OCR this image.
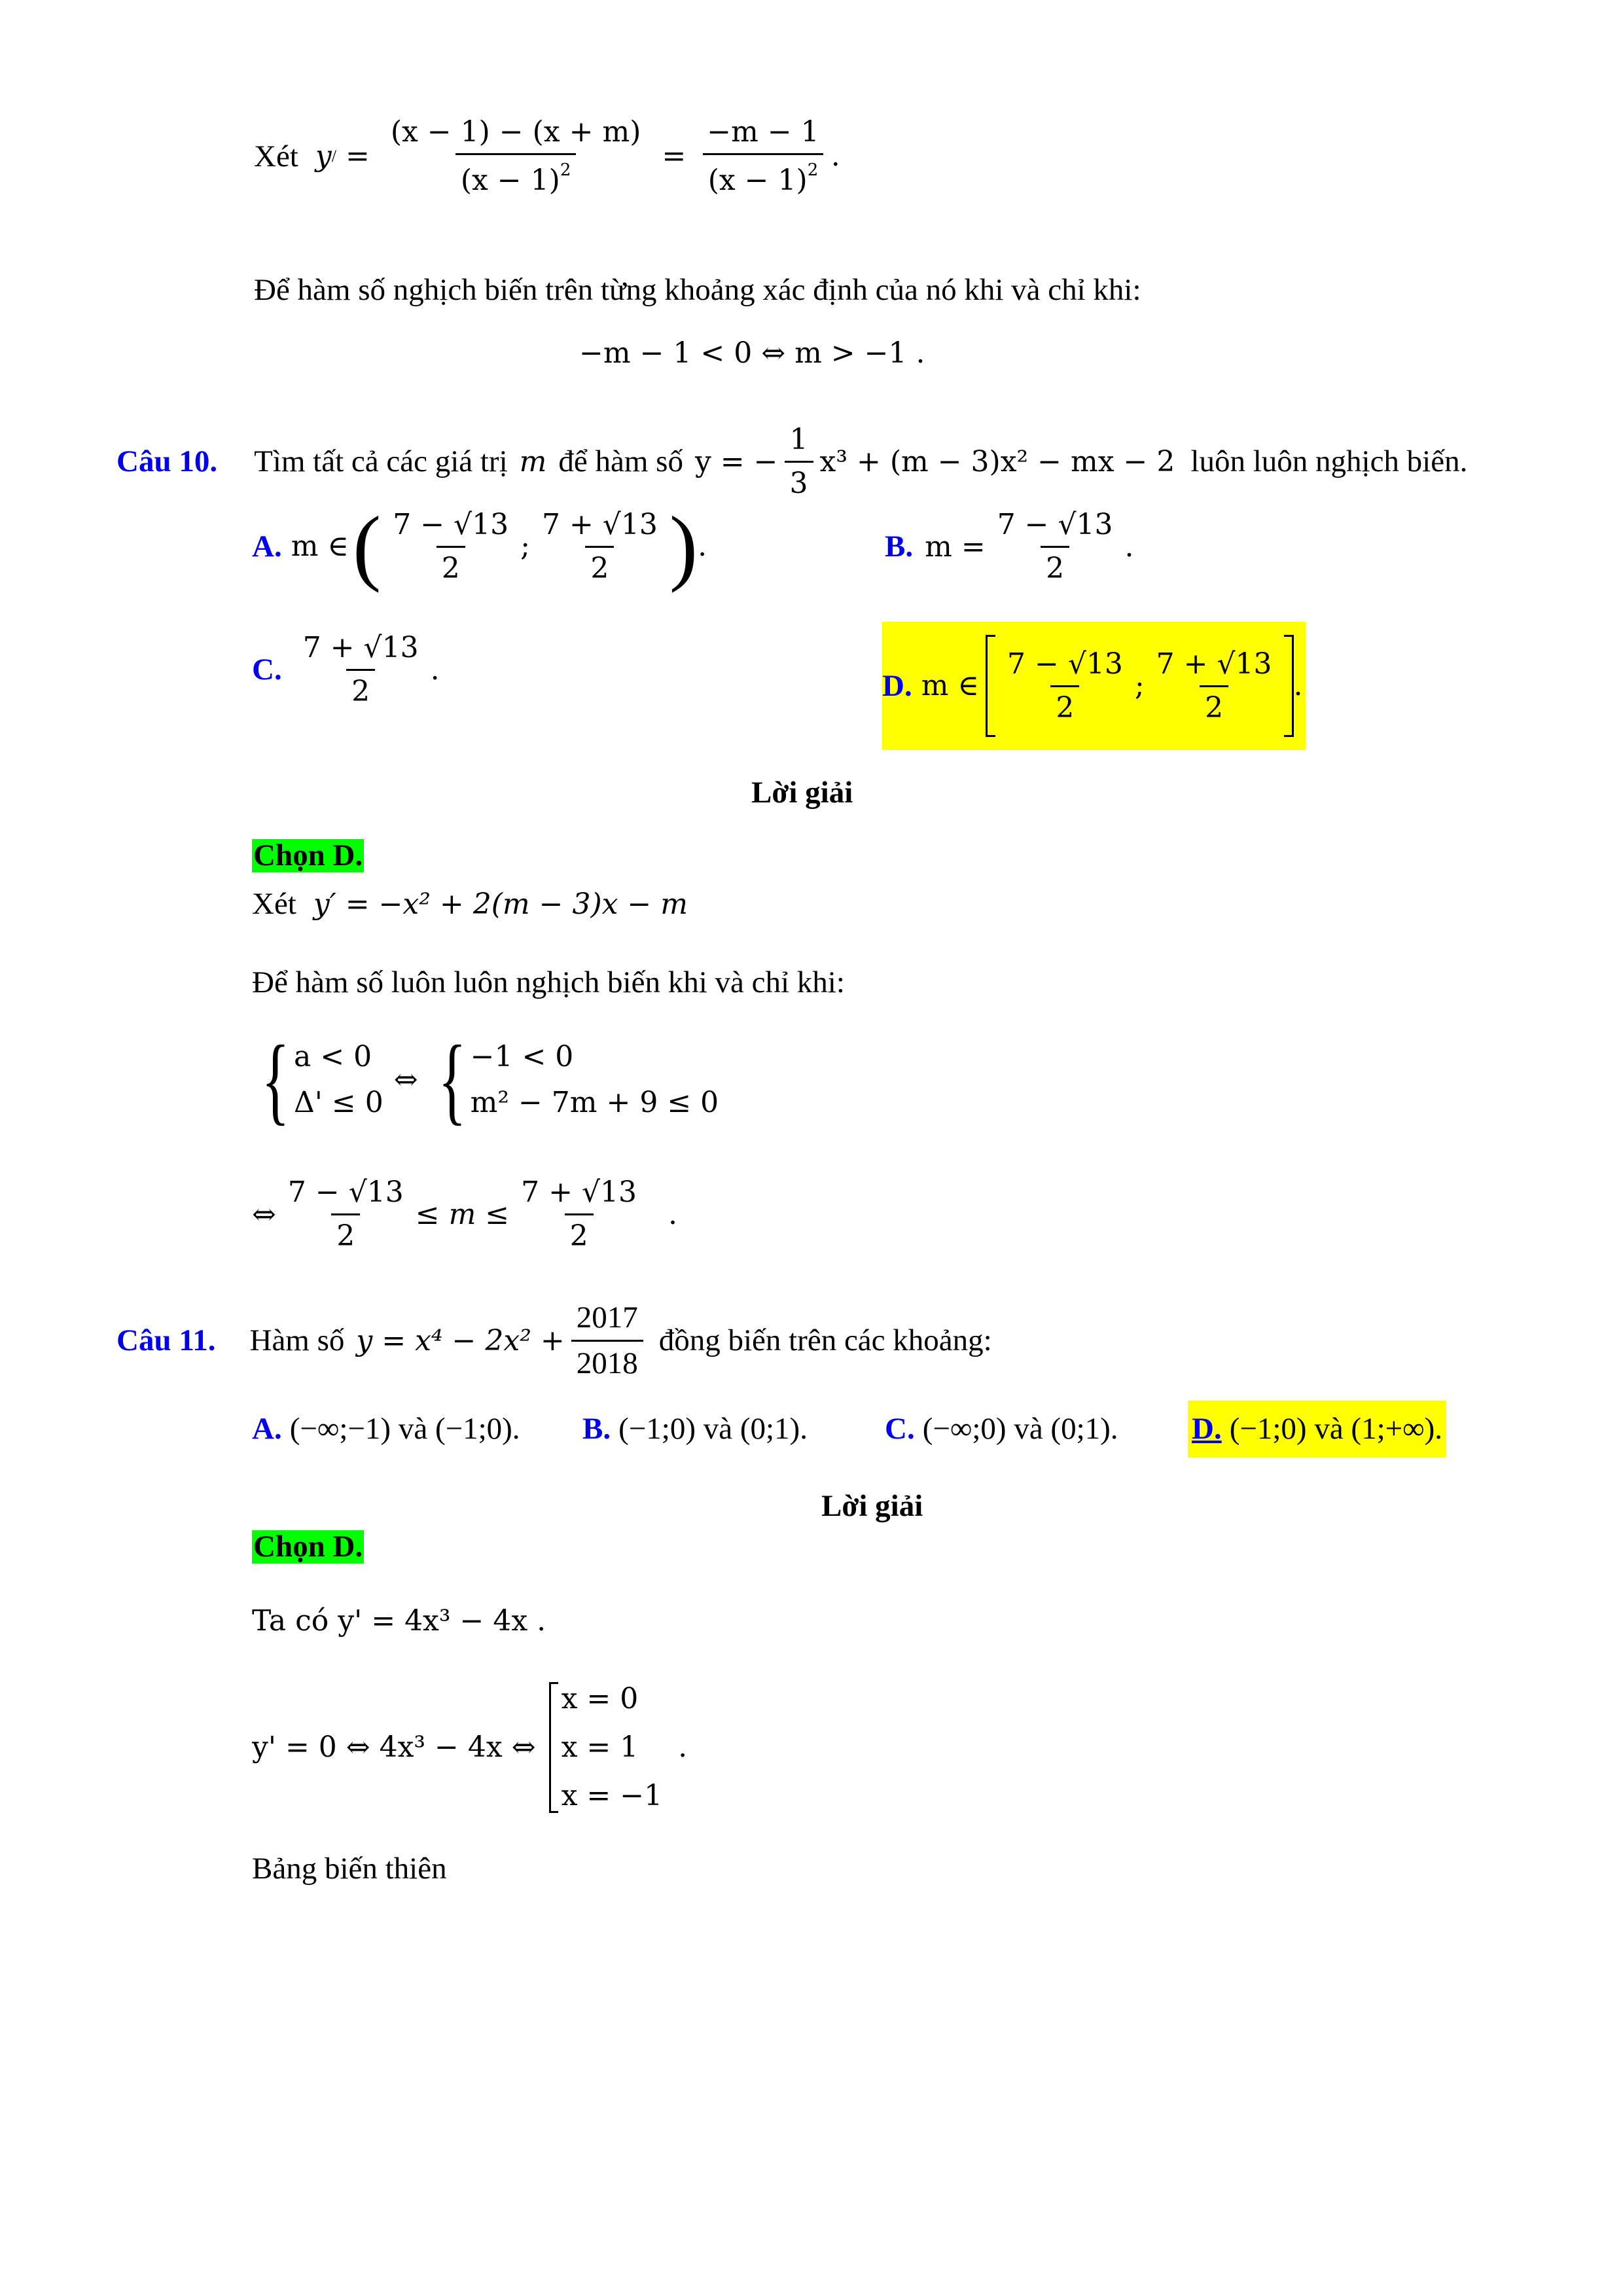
Xét y / = $\frac{(x - 1) - (x + m)}{(x - 1)^2} = \frac{-m - 1}{(x - 1)^2}$ .
Để hàm số nghịch biến trên từng khoảng xác định của nó khi và chỉ khi:
−m − 1 < 0 ⇔ m > −1 .
Câu 10. Tìm tất cả các giá trị m để hàm số y = − $\frac{1}{3} x^3 + (m - 3)x^2$ − mx − 2 luôn luôn nghịch biến.
A. m ∈ ( $\frac{7 - √13}{2}$ ; $\frac{7 + √13}{2}$ ) .	B. $m = \frac{7 - √13}{2}$ .
C. $\frac{7 + √13}{2}$ .	D. m ∈ $\frac{7 - √13}{2}$ ; $\frac{7 + √13}{2}$ .
Lời giải
Chọn D.
Xét y′ = −x² + 2(m − 3)x − m
Để hàm số luôn luôn nghịch biến khi và chỉ khi:
{ a < 0
Δ' ≤ 0
⇔ { −1 < 0
m² − 7m + 9 ≤ 0
⇔ $\frac{7 - √13}{2} \le m \le \frac{7 + √13}{2}$ .
Câu 11. Hàm số $y = x^4 - 2x^2 + \frac{2017}{2018}$ đồng biến trên các khoảng:
A. (−∞;−1) và (−1;0). B. (−1;0) và (0;1).	C. (−∞;0) và (0;1). D. (−1;0) và (1;+∞).
Lời giải
Chọn D.
Ta có y' = 4x³ − 4x .
y' = 0 ⇔ 4x³ − 4x ⇔
x = 0
x = 1
x = −1
.
Bảng biến thiên
